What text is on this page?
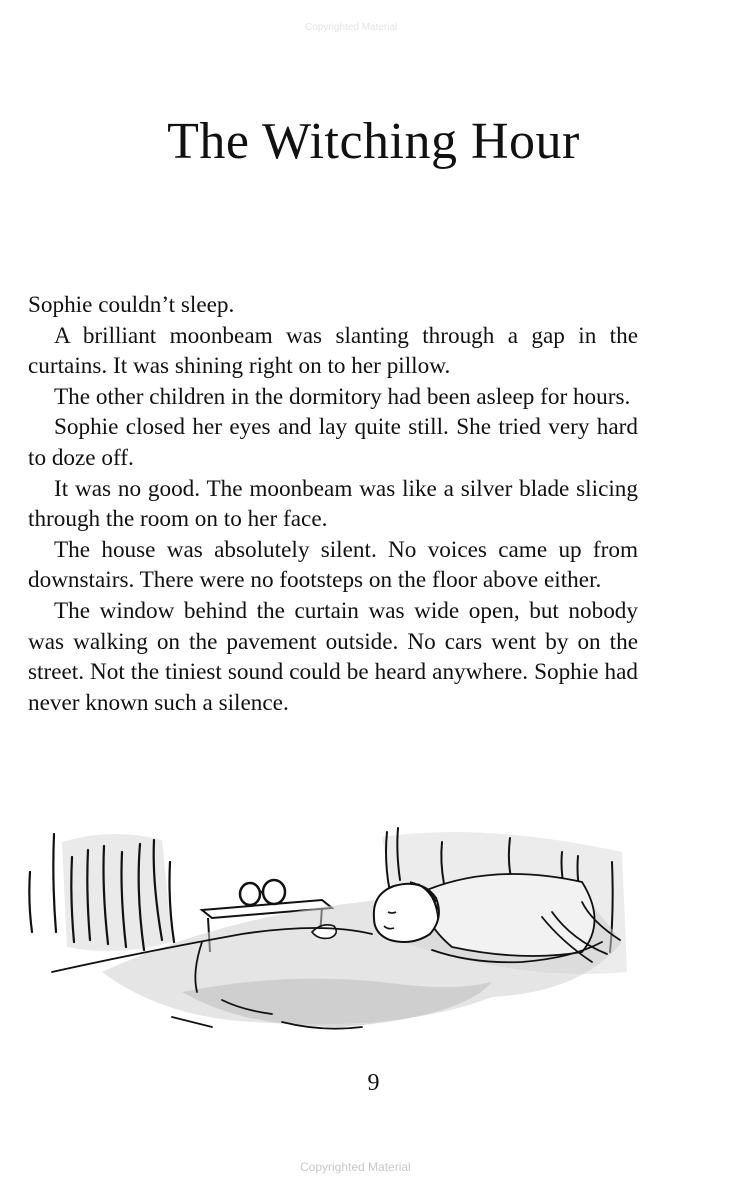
Copyrighted Material
The Witching Hour

Sophie couldn’t sleep.

A brilliant moonbeam was slanting through a gap in the curtains. It was shining right on to her pillow.

The other children in the dormitory had been asleep for hours.

Sophie closed her eyes and lay quite still. She tried very hard to doze off.

It was no good. The moonbeam was like a silver blade slicing through the room on to her face.

The house was absolutely silent. No voices came up from downstairs. There were no footsteps on the floor above either.

The window behind the curtain was wide open, but nobody was walking on the pavement outside. No cars went by on the street. Not the tiniest sound could be heard anywhere. Sophie had never known such a silence.

9
Copyrighted Material
